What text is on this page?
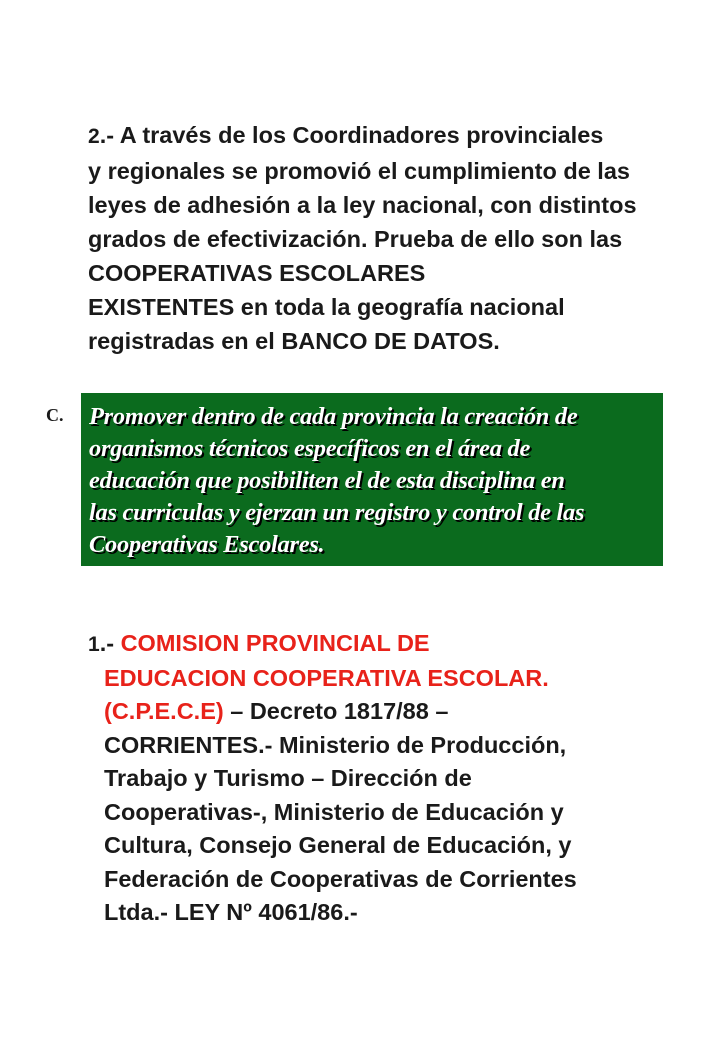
2.- A través de los Coordinadores provinciales
y regionales se promovió el cumplimiento de las
leyes de adhesión a la ley nacional, con distintos
grados de efectivización. Prueba de ello son las
COOPERATIVAS ESCOLARES
EXISTENTES en toda la geografía nacional
registradas en el BANCO DE DATOS.
C. Promover dentro de cada provincia la creación de
organismos técnicos específicos en el área de
educación que posibiliten el de esta disciplina en
las curriculas y ejerzan un registro y control de las
Cooperativas Escolares.
1.- COMISION PROVINCIAL DE
EDUCACION COOPERATIVA ESCOLAR.
(C.P.E.C.E) – Decreto 1817/88 –
CORRIENTES.- Ministerio de Producción,
Trabajo y Turismo – Dirección de
Cooperativas-, Ministerio de Educación y
Cultura, Consejo General de Educación, y
Federación de Cooperativas de Corrientes
Ltda.- LEY Nº 4061/86.-
